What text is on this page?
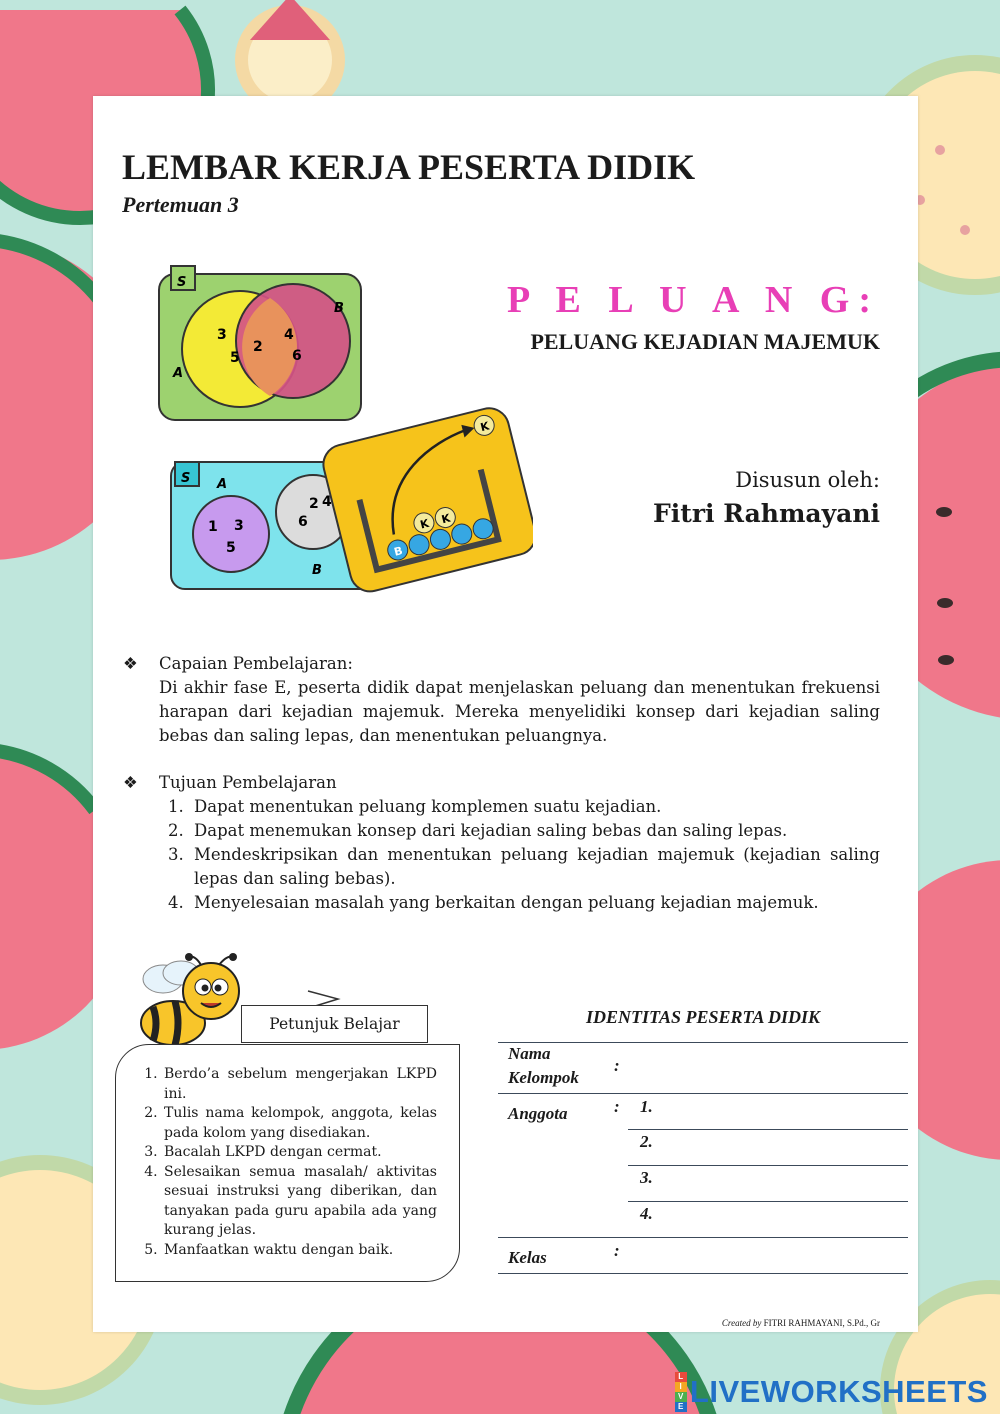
LEMBAR KERJA PESERTA DIDIK
Pertemuan 3
S
A
B
3
5
2
4
6
S A
B
1 3
5
2 4
6
K
B
K K
P E L U A N G:
PELUANG KEJADIAN MAJEMUK
Disusun oleh:
Fitri Rahmayani
❖ Capaian Pembelajaran:
Di akhir fase E, peserta didik dapat menjelaskan peluang dan menentukan frekuensi harapan dari kejadian majemuk. Mereka menyelidiki konsep dari kejadian saling bebas dan saling lepas, dan menentukan peluangnya.
❖ Tujuan Pembelajaran
1. Dapat menentukan peluang komplemen suatu kejadian.
2. Dapat menemukan konsep dari kejadian saling bebas dan saling lepas.
3. Mendeskripsikan dan menentukan peluang kejadian majemuk (kejadian saling lepas dan saling bebas).
4. Menyelesaian masalah yang berkaitan dengan peluang kejadian majemuk.
Petunjuk Belajar
1. Berdo’a sebelum mengerjakan LKPD ini.
2. Tulis nama kelompok, anggota, kelas pada kolom yang disediakan.
3. Bacalah LKPD dengan cermat.
4. Selesaikan semua masalah/ aktivitas sesuai instruksi yang diberikan, dan tanyakan pada guru apabila ada yang kurang jelas.
5. Manfaatkan waktu dengan baik.
IDENTITAS PESERTA DIDIK
Nama
Kelompok
:
Anggota	: 1.
2.
3.
4.
Kelas	:
Created by FITRI RAHMAYANI, S.Pd., Gr
L
I
V
E LIVEWORKSHEETS
